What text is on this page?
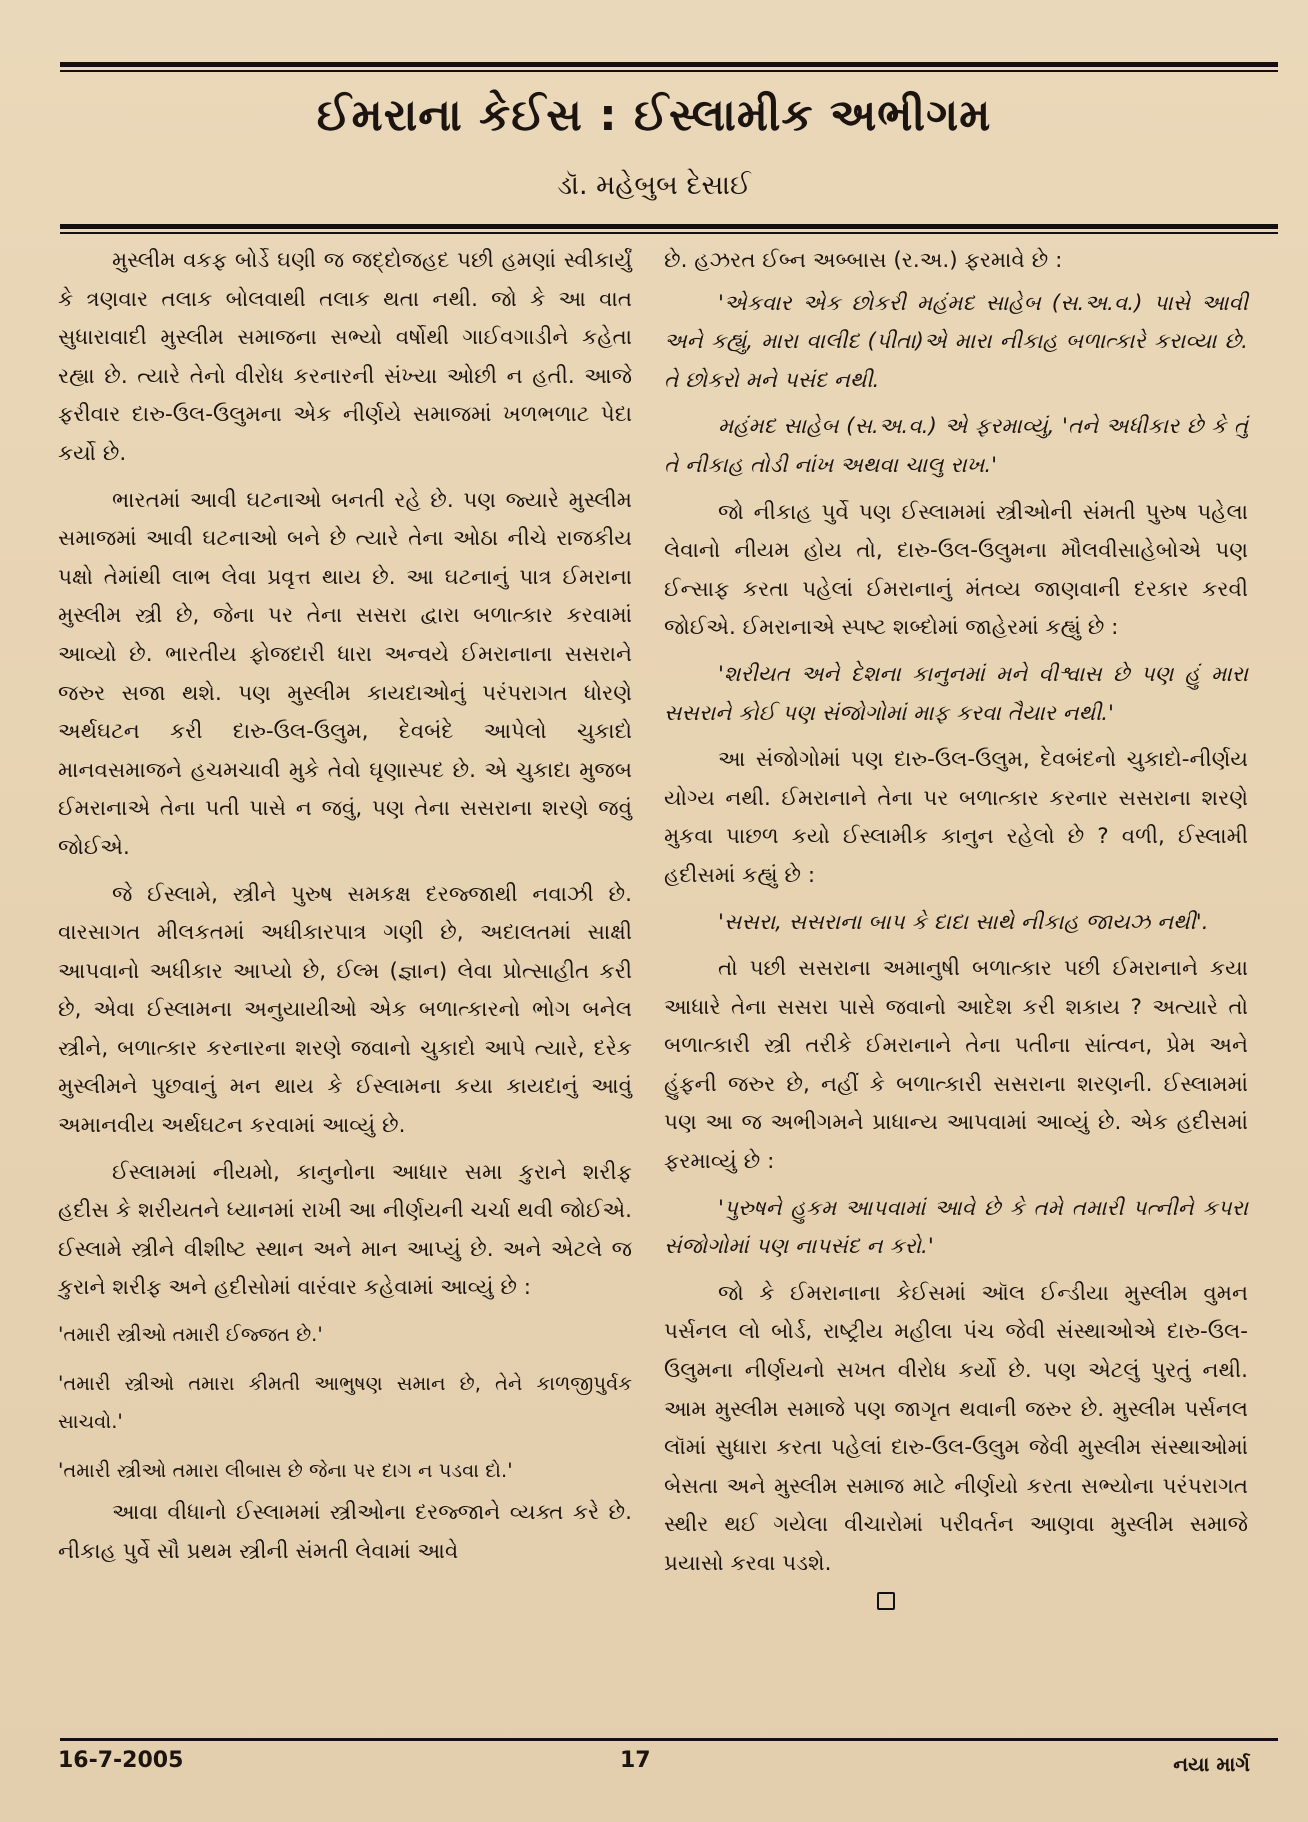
ઈમરાના કેઈસ : ઈસ્લામીક અભીગમ
ડૉ. મહેબુબ દેસાઈ

મુસ્લીમ વકફ બોર્ડે ઘણી જ જદ્દોજહદ પછી હમણાં સ્વીકાર્યું કે ત્રણવાર તલાક બોલવાથી તલાક થતા નથી. જો કે આ વાત સુધારાવાદી મુસ્લીમ સમાજના સભ્યો વર્ષોથી ગાઈવગાડીને કહેતા રહ્યા છે. ત્યારે તેનો વીરોધ કરનારની સંખ્યા ઓછી ન હતી. આજે ફરીવાર દારુ-ઉલ-ઉલુમના એક નીર્ણયે સમાજમાં ખળભળાટ પેદા કર્યો છે.

ભારતમાં આવી ઘટનાઓ બનતી રહે છે. પણ જ્યારે મુસ્લીમ સમાજમાં આવી ઘટનાઓ બને છે ત્યારે તેના ઓઠા નીચે રાજકીય પક્ષો તેમાંથી લાભ લેવા પ્રવૃત્ત થાય છે. આ ઘટનાનું પાત્ર ઈમરાના મુસ્લીમ સ્ત્રી છે, જેના પર તેના સસરા દ્વારા બળાત્કાર કરવામાં આવ્યો છે. ભારતીય ફોજદારી ધારા અન્વયે ઈમરાનાના સસરાને જરુર સજા થશે. પણ મુસ્લીમ કાયદાઓનું પરંપરાગત ધોરણે અર્થઘટન કરી દારુ-ઉલ-ઉલુમ, દેવબંદે આપેલો ચુકાદો માનવસમાજને હચમચાવી મુકે તેવો ઘૃણાસ્પદ છે. એ ચુકાદા મુજબ ઈમરાનાએ તેના પતી પાસે ન જવું, પણ તેના સસરાના શરણે જવું જોઈએ.

જે ઈસ્લામે, સ્ત્રીને પુરુષ સમકક્ષ દરજ્જાથી નવાઝી છે. વારસાગત મીલકતમાં અધીકારપાત્ર ગણી છે, અદાલતમાં સાક્ષી આપવાનો અધીકાર આપ્યો છે, ઈલ્મ (જ્ઞાન) લેવા પ્રોત્સાહીત કરી છે, એવા ઈસ્લામના અનુયાયીઓ એક બળાત્કારનો ભોગ બનેલ સ્ત્રીને, બળાત્કાર કરનારના શરણે જવાનો ચુકાદો આપે ત્યારે, દરેક મુસ્લીમને પુછવાનું મન થાય કે ઈસ્લામના કયા કાયદાનું આવું અમાનવીય અર્થઘટન કરવામાં આવ્યું છે.

ઈસ્લામમાં નીયમો, કાનુનોના આધાર સમા કુરાને શરીફ હદીસ કે શરીયતને ધ્યાનમાં રાખી આ નીર્ણયની ચર્ચા થવી જોઈએ. ઈસ્લામે સ્ત્રીને વીશીષ્ટ સ્થાન અને માન આપ્યું છે. અને એટલે જ કુરાને શરીફ અને હદીસોમાં વારંવાર કહેવામાં આવ્યું છે :

'તમારી સ્ત્રીઓ તમારી ઈજ્જત છે.'

'તમારી સ્ત્રીઓ તમારા કીમતી આભુષણ સમાન છે, તેને કાળજીપુર્વક સાચવો.'

'તમારી સ્ત્રીઓ તમારા લીબાસ છે જેના પર દાગ ન પડવા દો.'

આવા વીધાનો ઈસ્લામમાં સ્ત્રીઓના દરજ્જાને વ્યક્ત કરે છે. નીકાહ પુર્વે સૌ પ્રથમ સ્ત્રીની સંમતી લેવામાં આવે

છે. હઝરત ઈબ્ન અબ્બાસ (ર.અ.) ફરમાવે છે :

'એકવાર એક છોકરી મહંમદ સાહેબ (સ.અ.વ.) પાસે આવી અને કહ્યું, મારા વાલીદ (પીતા)એ મારા નીકાહ બળાત્કારે કરાવ્યા છે. તે છોકરો મને પસંદ નથી.

મહંમદ સાહેબ (સ.અ.વ.) એ ફરમાવ્યું, 'તને અધીકાર છે કે તું તે નીકાહ તોડી નાંખ અથવા ચાલુ રાખ.'

જો નીકાહ પુર્વે પણ ઈસ્લામમાં સ્ત્રીઓની સંમતી પુરુષ પહેલા લેવાનો નીયમ હોય તો, દારુ-ઉલ-ઉલુમના મૌલવીસાહેબોએ પણ ઈન્સાફ કરતા પહેલાં ઈમરાનાનું મંતવ્ય જાણવાની દરકાર કરવી જોઈએ. ઈમરાનાએ સ્પષ્ટ શબ્દોમાં જાહેરમાં કહ્યું છે :

'શરીયત અને દેશના કાનુનમાં મને વીશ્વાસ છે પણ હું મારા સસરાને કોઈ પણ સંજોગોમાં માફ કરવા તૈયાર નથી.'

આ સંજોગોમાં પણ દારુ-ઉલ-ઉલુમ, દેવબંદનો ચુકાદો-નીર્ણય યોગ્ય નથી. ઈમરાનાને તેના પર બળાત્કાર કરનાર સસરાના શરણે મુકવા પાછળ કયો ઈસ્લામીક કાનુન રહેલો છે ? વળી, ઈસ્લામી હદીસમાં કહ્યું છે :

'સસરા, સસરાના બાપ કે દાદા સાથે નીકાહ જાયઝ નથી'.

તો પછી સસરાના અમાનુષી બળાત્કાર પછી ઈમરાનાને કયા આધારે તેના સસરા પાસે જવાનો આદેશ કરી શકાય ? અત્યારે તો બળાત્કારી સ્ત્રી તરીકે ઈમરાનાને તેના પતીના સાંત્વન, પ્રેમ અને હુંફની જરુર છે, નહીં કે બળાત્કારી સસરાના શરણની. ઈસ્લામમાં પણ આ જ અભીગમને પ્રાધાન્ય આપવામાં આવ્યું છે. એક હદીસમાં ફરમાવ્યું છે :

'પુરુષને હુકમ આપવામાં આવે છે કે તમે તમારી પત્નીને કપરા સંજોગોમાં પણ નાપસંદ ન કરો.'

જો કે ઈમરાનાના કેઈસમાં ઑલ ઈન્ડીયા મુસ્લીમ વુમન પર્સનલ લો બોર્ડ, રાષ્ટ્રીય મહીલા પંચ જેવી સંસ્થાઓએ દારુ-ઉલ-ઉલુમના નીર્ણયનો સખત વીરોધ કર્યો છે. પણ એટલું પુરતું નથી. આમ મુસ્લીમ સમાજે પણ જાગૃત થવાની જરુર છે. મુસ્લીમ પર્સનલ લૉમાં સુધારા કરતા પહેલાં દારુ-ઉલ-ઉલુમ જેવી મુસ્લીમ સંસ્થાઓમાં બેસતા અને મુસ્લીમ સમાજ માટે નીર્ણયો કરતા સભ્યોના પરંપરાગત સ્થીર થઈ ગયેલા વીચારોમાં પરીવર્તન આણવા મુસ્લીમ સમાજે પ્રયાસો કરવા પડશે.

16-7-2005	17	નયા માર્ગ
